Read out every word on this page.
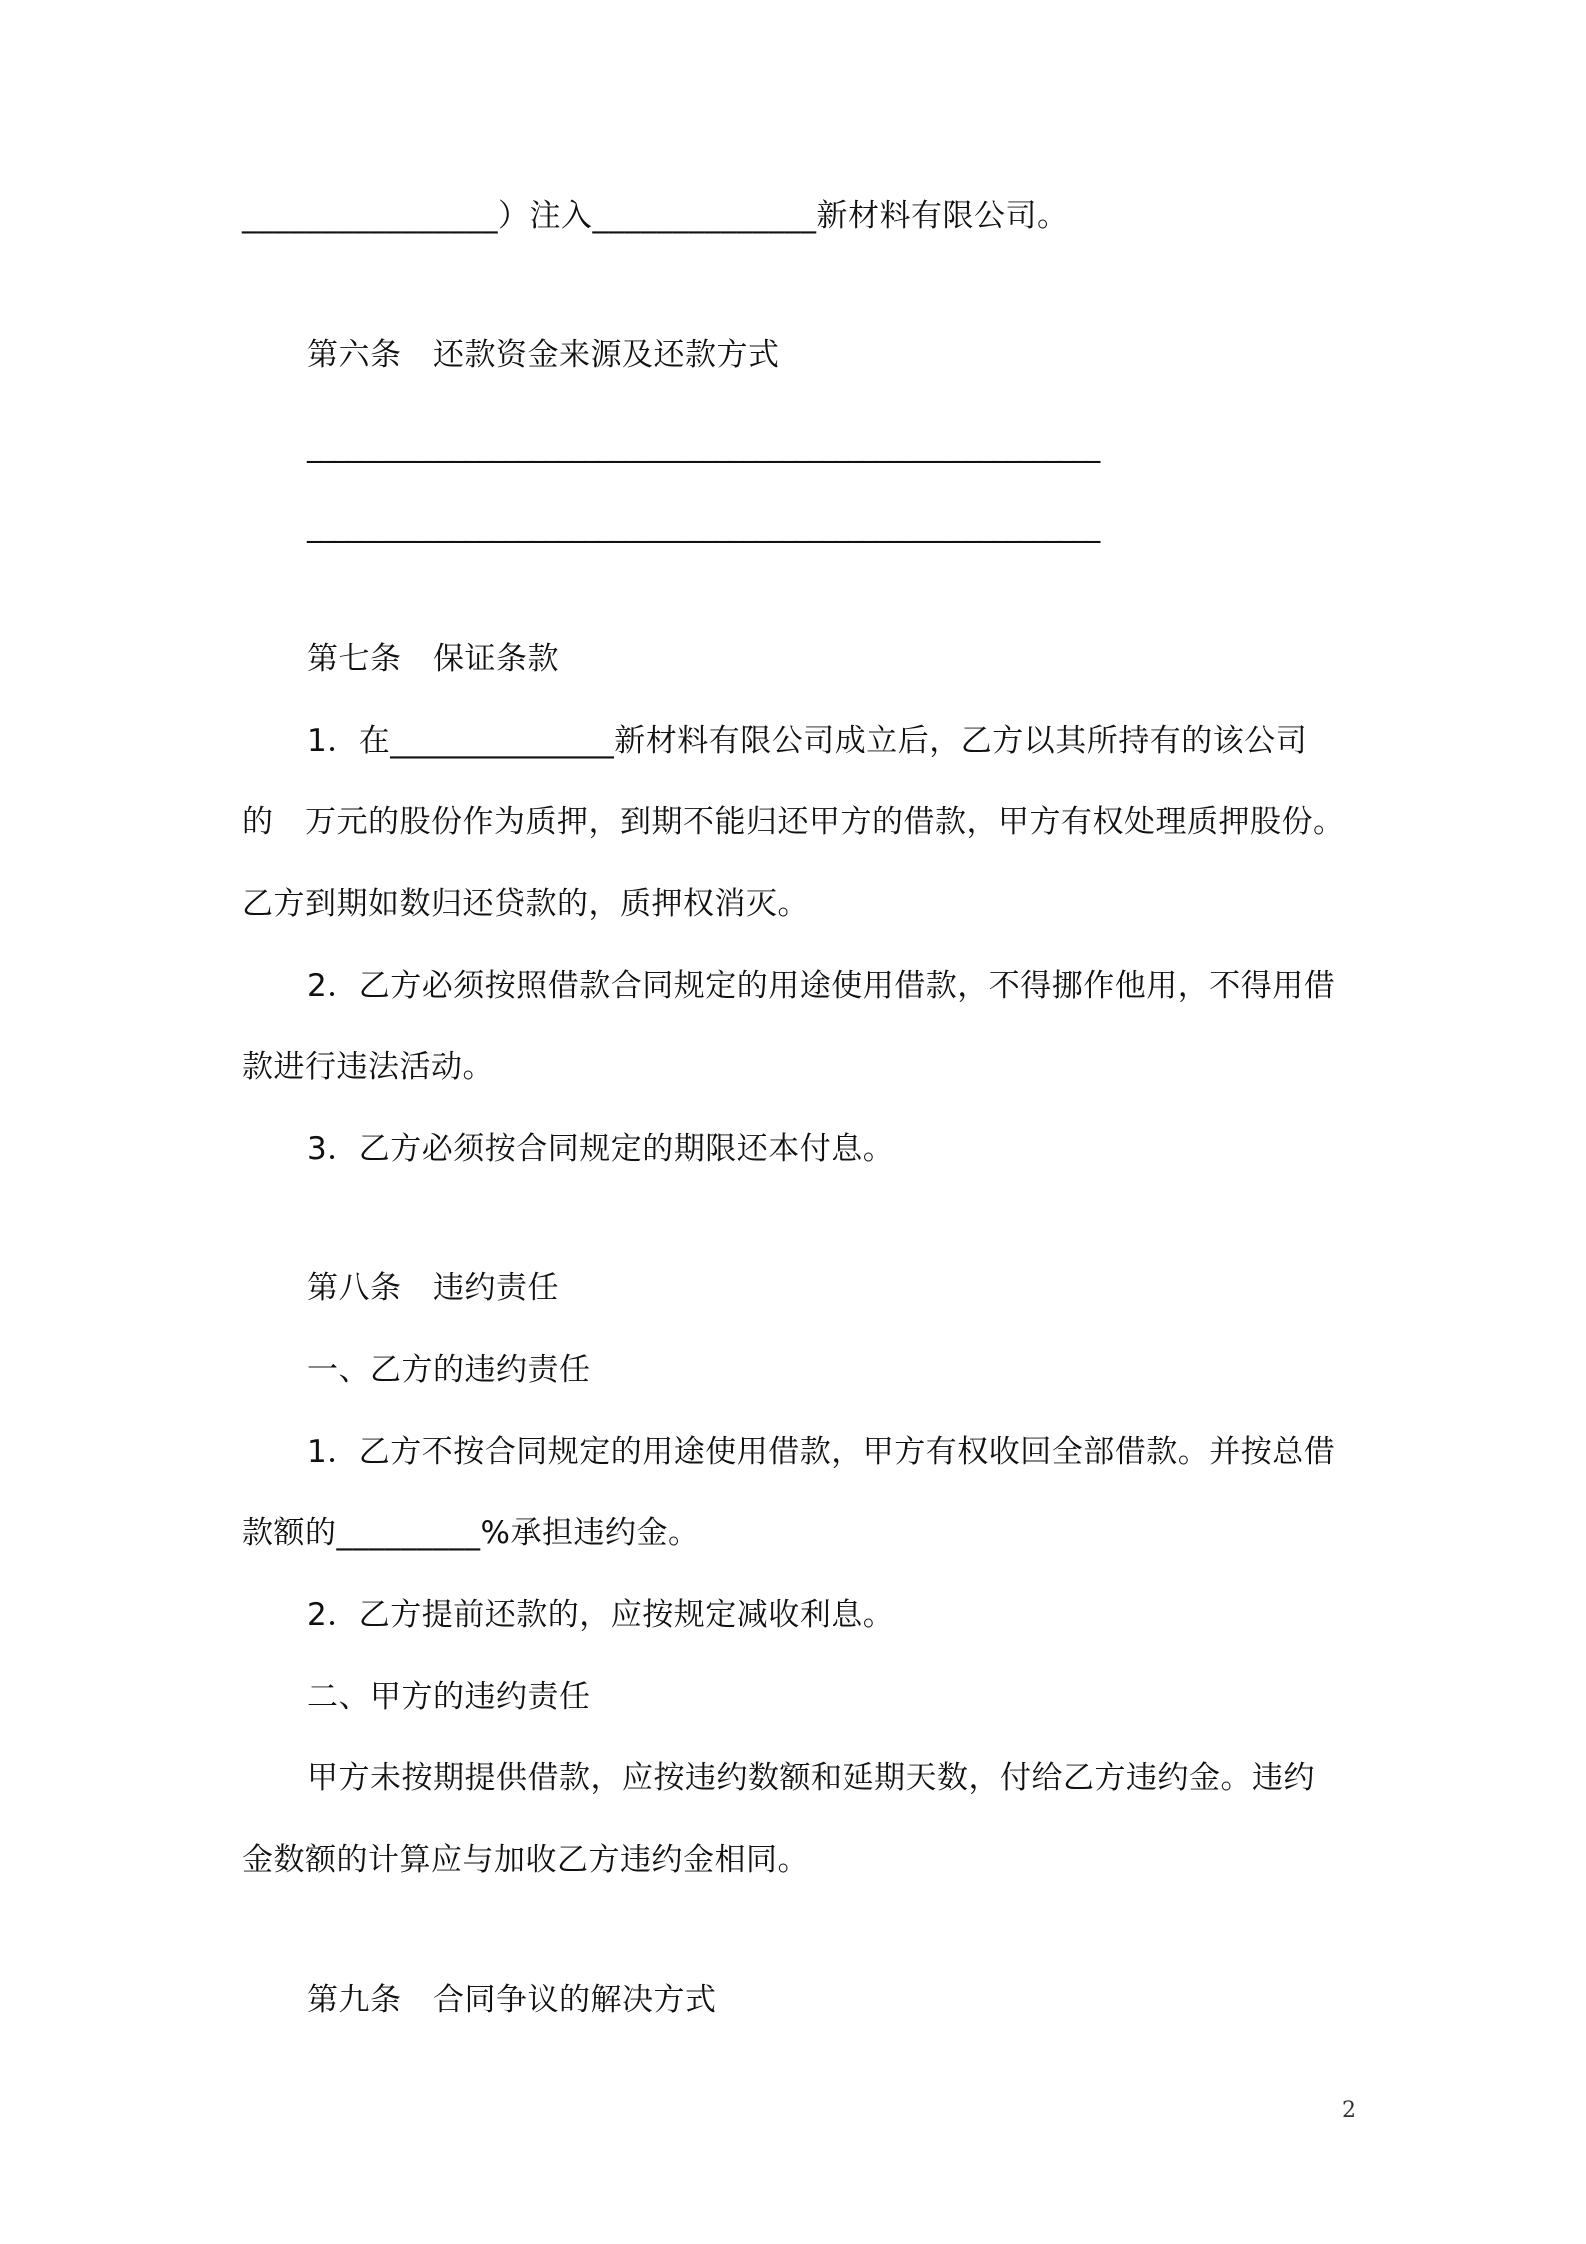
________________）注入______________新材料有限公司。
第六条　还款资金来源及还款方式
____________________________________________________________
____________________________________________________________
第七条　保证条款
1．在______________新材料有限公司成立后，乙方以其所持有的该公司
的　万元的股份作为质押，到期不能归还甲方的借款，甲方有权处理质押股份。
乙方到期如数归还贷款的，质押权消灭。
2．乙方必须按照借款合同规定的用途使用借款，不得挪作他用，不得用借
款进行违法活动。
3．乙方必须按合同规定的期限还本付息。
第八条　违约责任
一、乙方的违约责任
1．乙方不按合同规定的用途使用借款，甲方有权收回全部借款。并按总借
款额的_________%承担违约金。
2．乙方提前还款的，应按规定减收利息。
二、甲方的违约责任
甲方未按期提供借款，应按违约数额和延期天数，付给乙方违约金。违约
金数额的计算应与加收乙方违约金相同。
第九条　合同争议的解决方式
2
